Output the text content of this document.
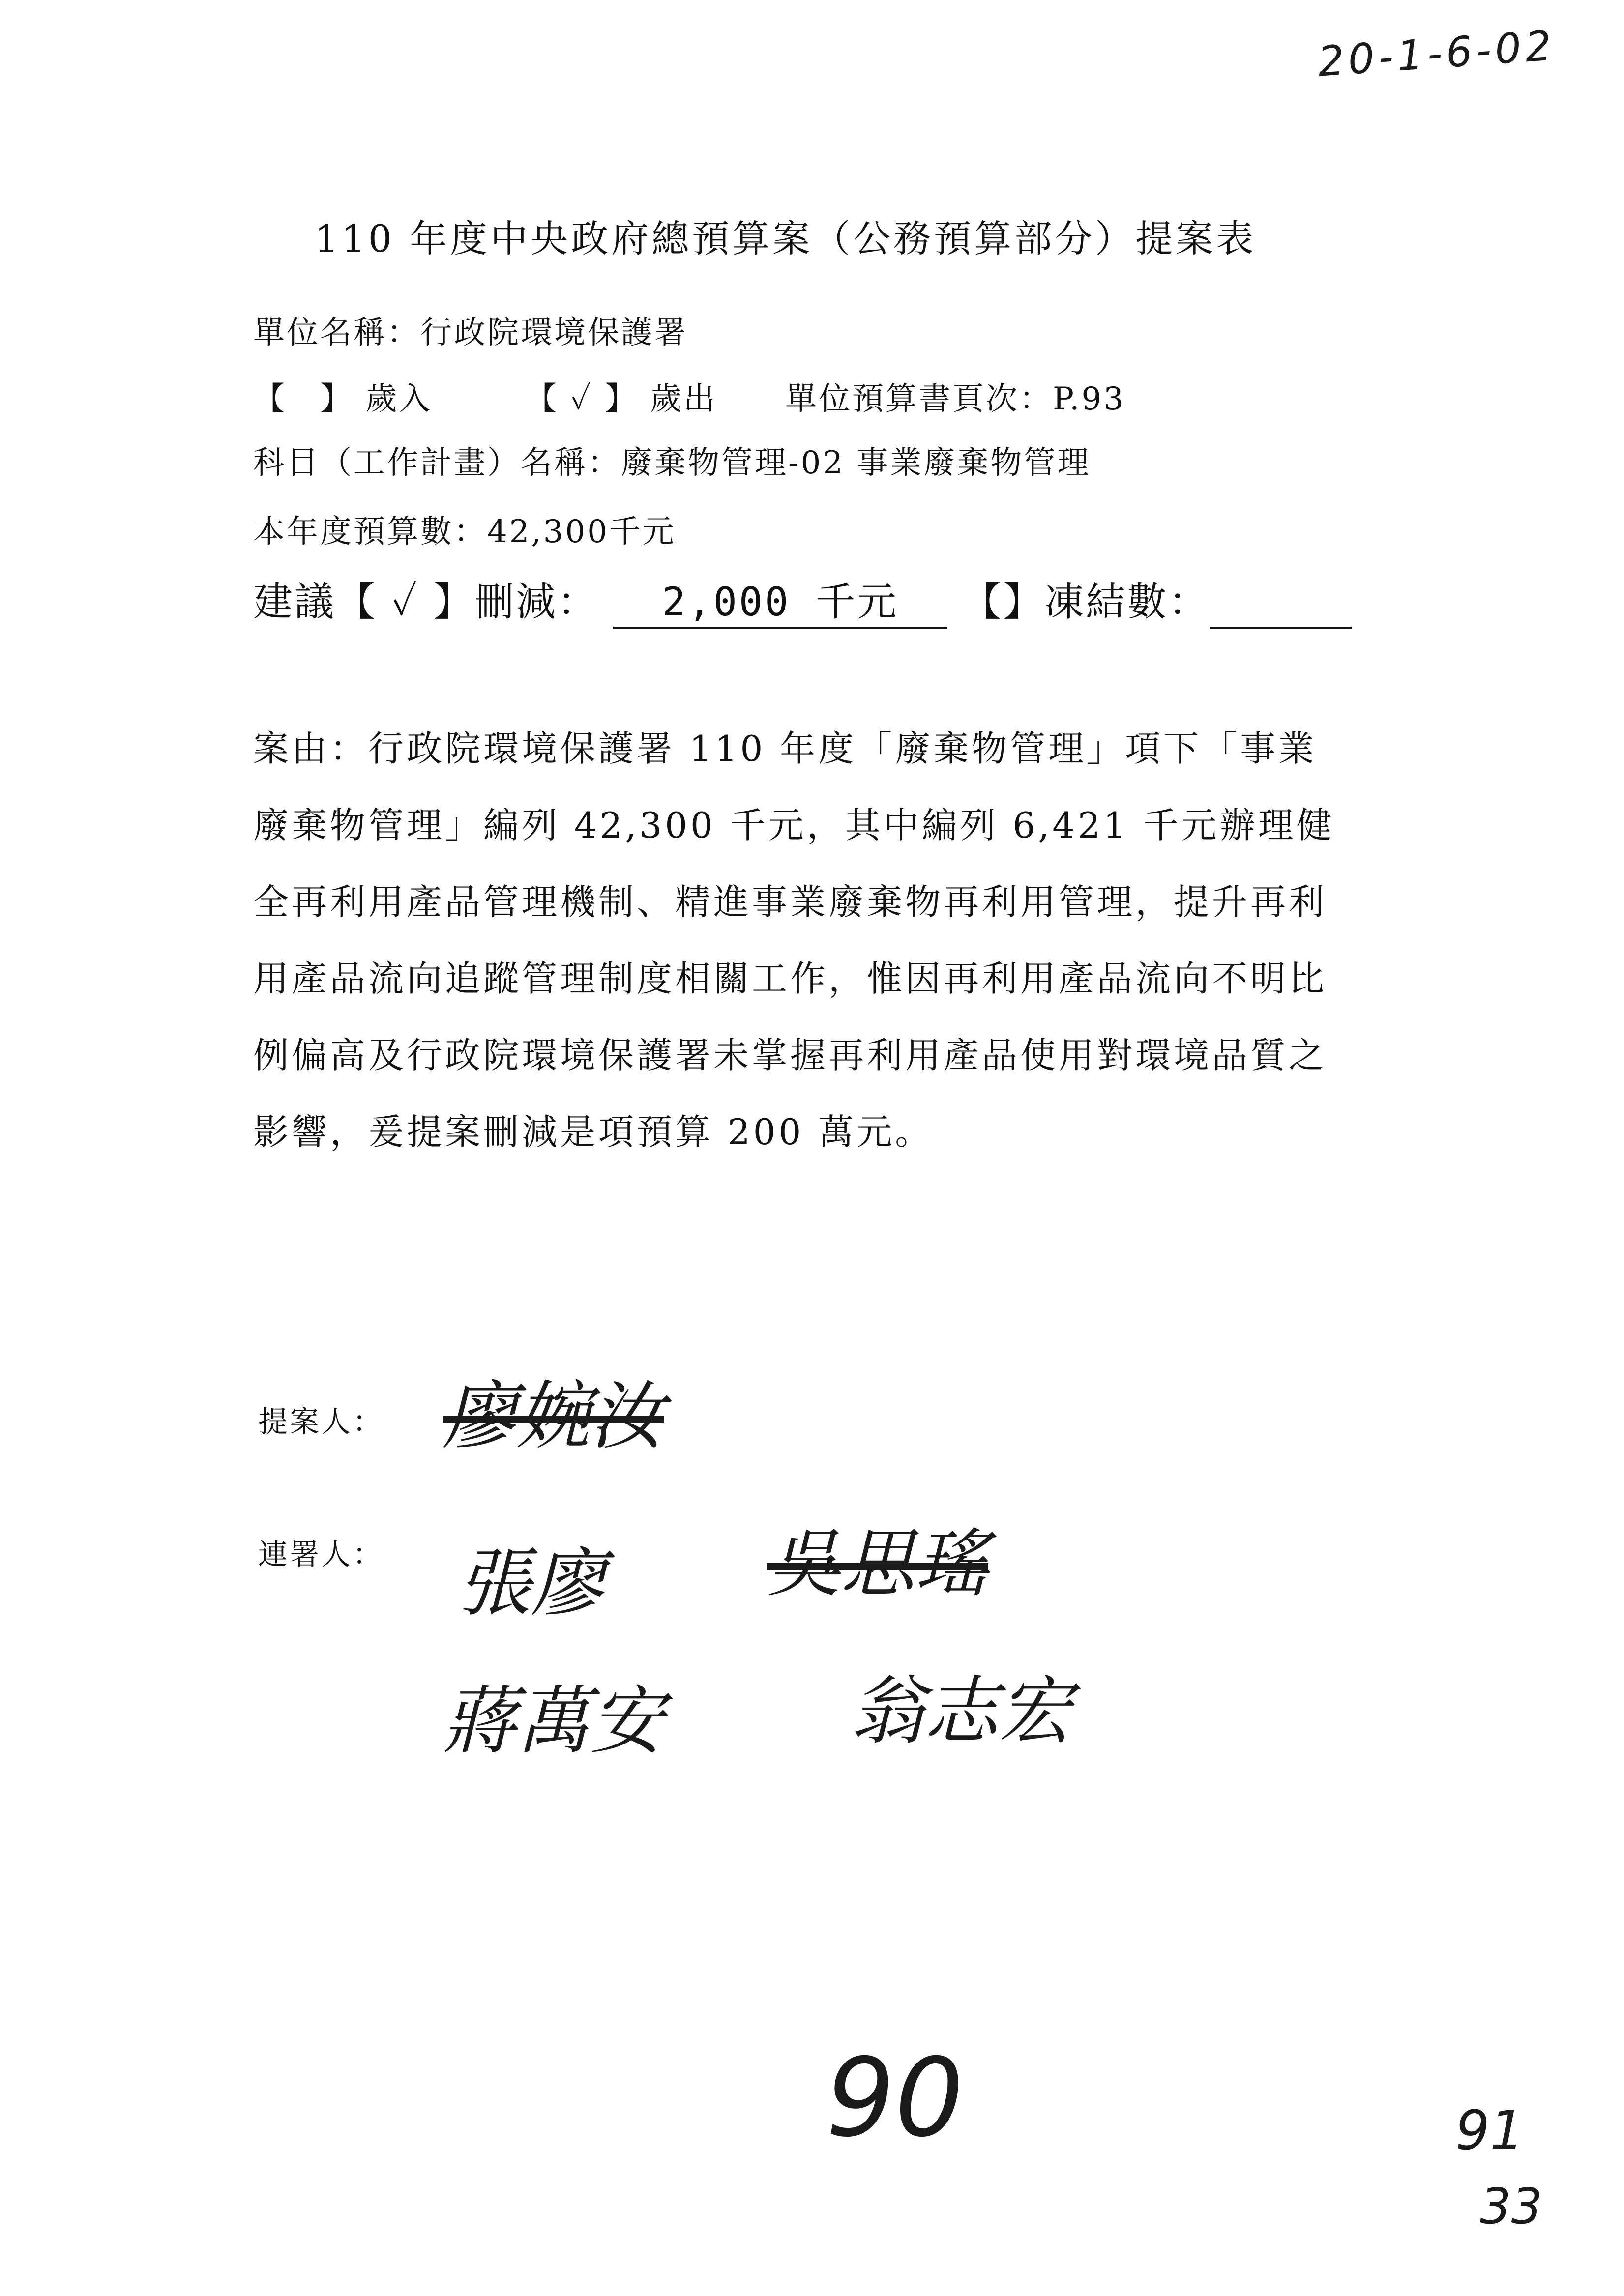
20-1-6-02
110 年度中央政府總預算案（公務預算部分）提案表
單位名稱：行政院環境保護署
【　】 歲入	【 ✓ 】 歲出 單位預算書頁次：P.93
科目（工作計畫）名稱：廢棄物管理-02 事業廢棄物管理
本年度預算數：42,300千元
建議【 ✓ 】刪減： 2,000 千元 【】凍結數：
案由：行政院環境保護署 110 年度「廢棄物管理」項下「事業廢棄物管理」編列 42,300 千元，其中編列 6,421 千元辦理健全再利用產品管理機制、精進事業廢棄物再利用管理，提升再利用產品流向追蹤管理制度相關工作，惟因再利用產品流向不明比例偏高及行政院環境保護署未掌握再利用產品使用對環境品質之影響，爰提案刪減是項預算 200 萬元。
提案人： 廖婉汝
連署人： 張廖 吳思瑤
蔣萬安	翁志宏
90	91
33
